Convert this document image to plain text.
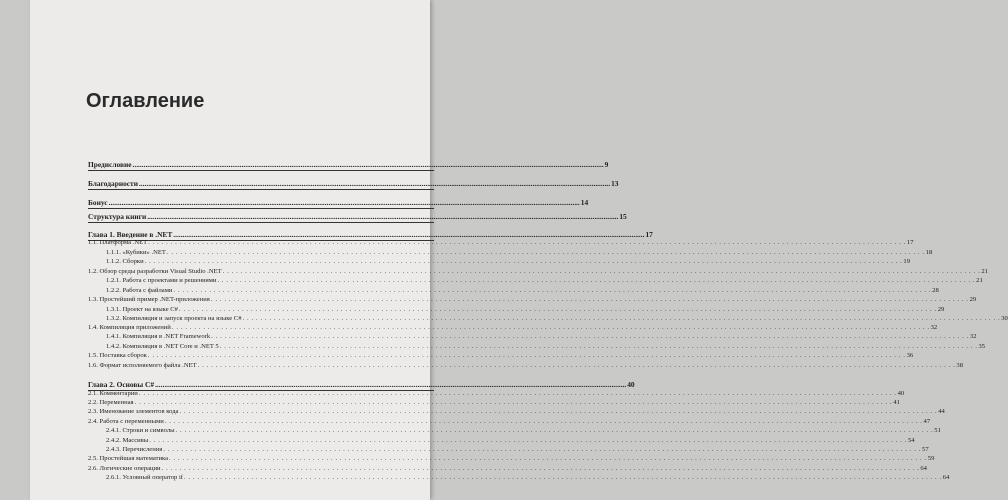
Оглавление
Предисловие .....	9
Благодарности .....	13
Бонус .....	14
Структура книги .....	15
Глава 1. Введение в .NET .....	17
1.1. Платформа .NET . . .	17
1.1.1. «Кубики» .NET . . .	18
1.1.2. Сборки . . .	19
1.2. Обзор среды разработки Visual Studio .NET . . .	21
1.2.1. Работа с проектами и решениями . . .	21
1.2.2. Работа с файлами . . .	28
1.3. Простейший пример .NET-приложения . . .	29
1.3.1. Проект на языке C# . . .	29
1.3.2. Компиляция и запуск проекта на языке C# . . .	30
1.4. Компиляция приложений . . .	32
1.4.1. Компиляция в .NET Framework . . .	32
1.4.2. Компиляция в .NET Core и .NET 5 . . .	35
1.5. Поставка сборок . . .	36
1.6. Формат исполняемого файла .NET . . .	38
Глава 2. Основы C# .....	40
2.1. Комментарии . . .	40
2.2. Переменная . . .	41
2.3. Именование элементов кода . . .	44
2.4. Работа с переменными . . .	47
2.4.1. Строки и символы . . .	51
2.4.2. Массивы . . .	54
2.4.3. Перечисления . . .	57
2.5. Простейшая математика . . .	59
2.6. Логические операции . . .	64
2.6.1. Условный оператор if . . .	64
